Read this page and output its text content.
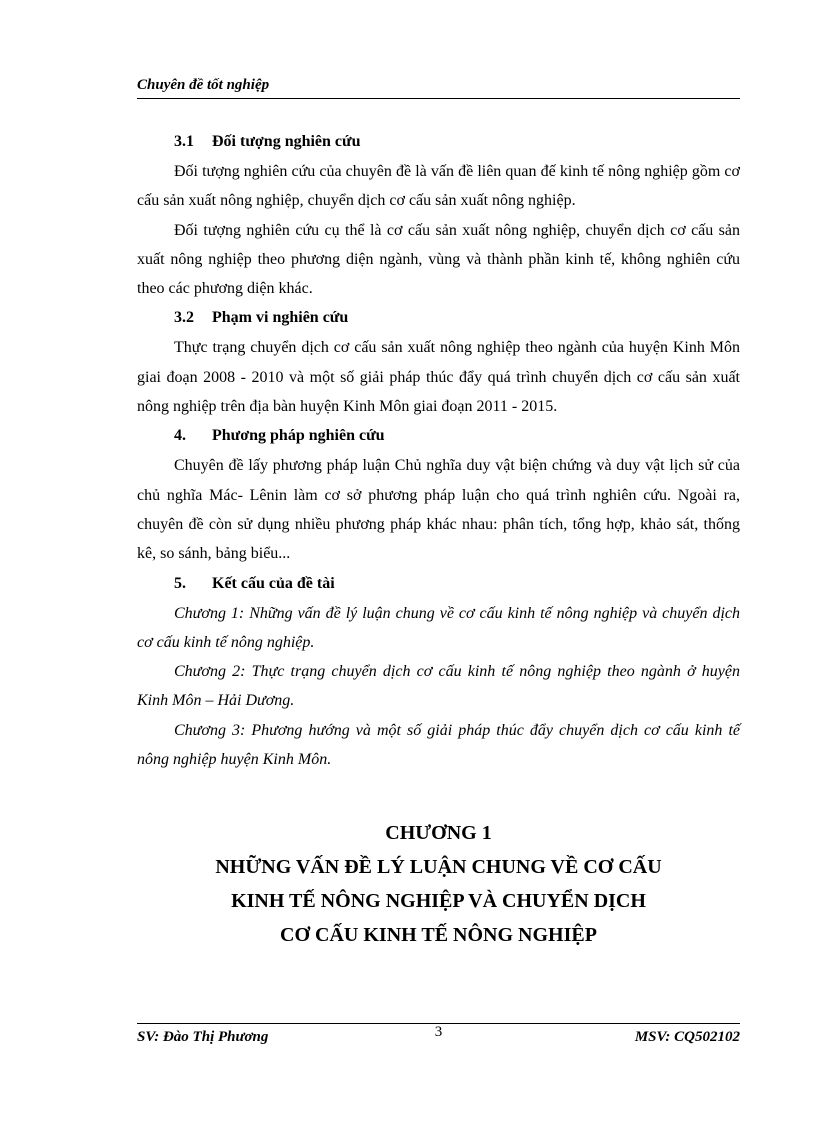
Chuyên đề tốt nghiệp
3.1 Đối tượng nghiên cứu

Đối tượng nghiên cứu của chuyên đề là vấn đề liên quan đế kinh tế nông nghiệp gồm cơ cấu sản xuất nông nghiệp, chuyển dịch cơ cấu sản xuất nông nghiệp.

Đối tượng nghiên cứu cụ thể là cơ cấu sản xuất nông nghiệp, chuyển dịch cơ cấu sản xuất nông nghiệp theo phương diện ngành, vùng và thành phần kinh tế, không nghiên cứu theo các phương diện khác.

3.2 Phạm vi nghiên cứu

Thực trạng chuyển dịch cơ cấu sản xuất nông nghiệp theo ngành của huyện Kinh Môn giai đoạn 2008 - 2010 và một số giải pháp thúc đẩy quá trình chuyển dịch cơ cấu sản xuất nông nghiệp trên địa bàn huyện Kinh Môn giai đoạn 2011 - 2015.

4. Phương pháp nghiên cứu

Chuyên đề lấy phương pháp luận Chủ nghĩa duy vật biện chứng và duy vật lịch sử của chủ nghĩa Mác- Lênin làm cơ sở phương pháp luận cho quá trình nghiên cứu. Ngoài ra, chuyên đề còn sử dụng nhiều phương pháp khác nhau: phân tích, tổng hợp, khảo sát, thống kê, so sánh, bảng biểu...

5. Kết cấu của đề tài

Chương 1: Những vấn đề lý luận chung về cơ cấu kinh tế nông nghiệp và chuyển dịch cơ cấu kinh tế nông nghiệp.

Chương 2: Thực trạng chuyển dịch cơ cấu kinh tế nông nghiệp theo ngành ở huyện Kinh Môn – Hải Dương.

Chương 3: Phương hướng và một số giải pháp thúc đẩy chuyển dịch cơ cấu kinh tế nông nghiệp huyện Kinh Môn.

CHƯƠNG 1
NHỮNG VẤN ĐỀ LÝ LUẬN CHUNG VỀ CƠ CẤU
KINH TẾ NÔNG NGHIỆP VÀ CHUYỂN DỊCH
CƠ CẤU KINH TẾ NÔNG NGHIỆP
SV: Đào Thị Phương	3	MSV: CQ502102
